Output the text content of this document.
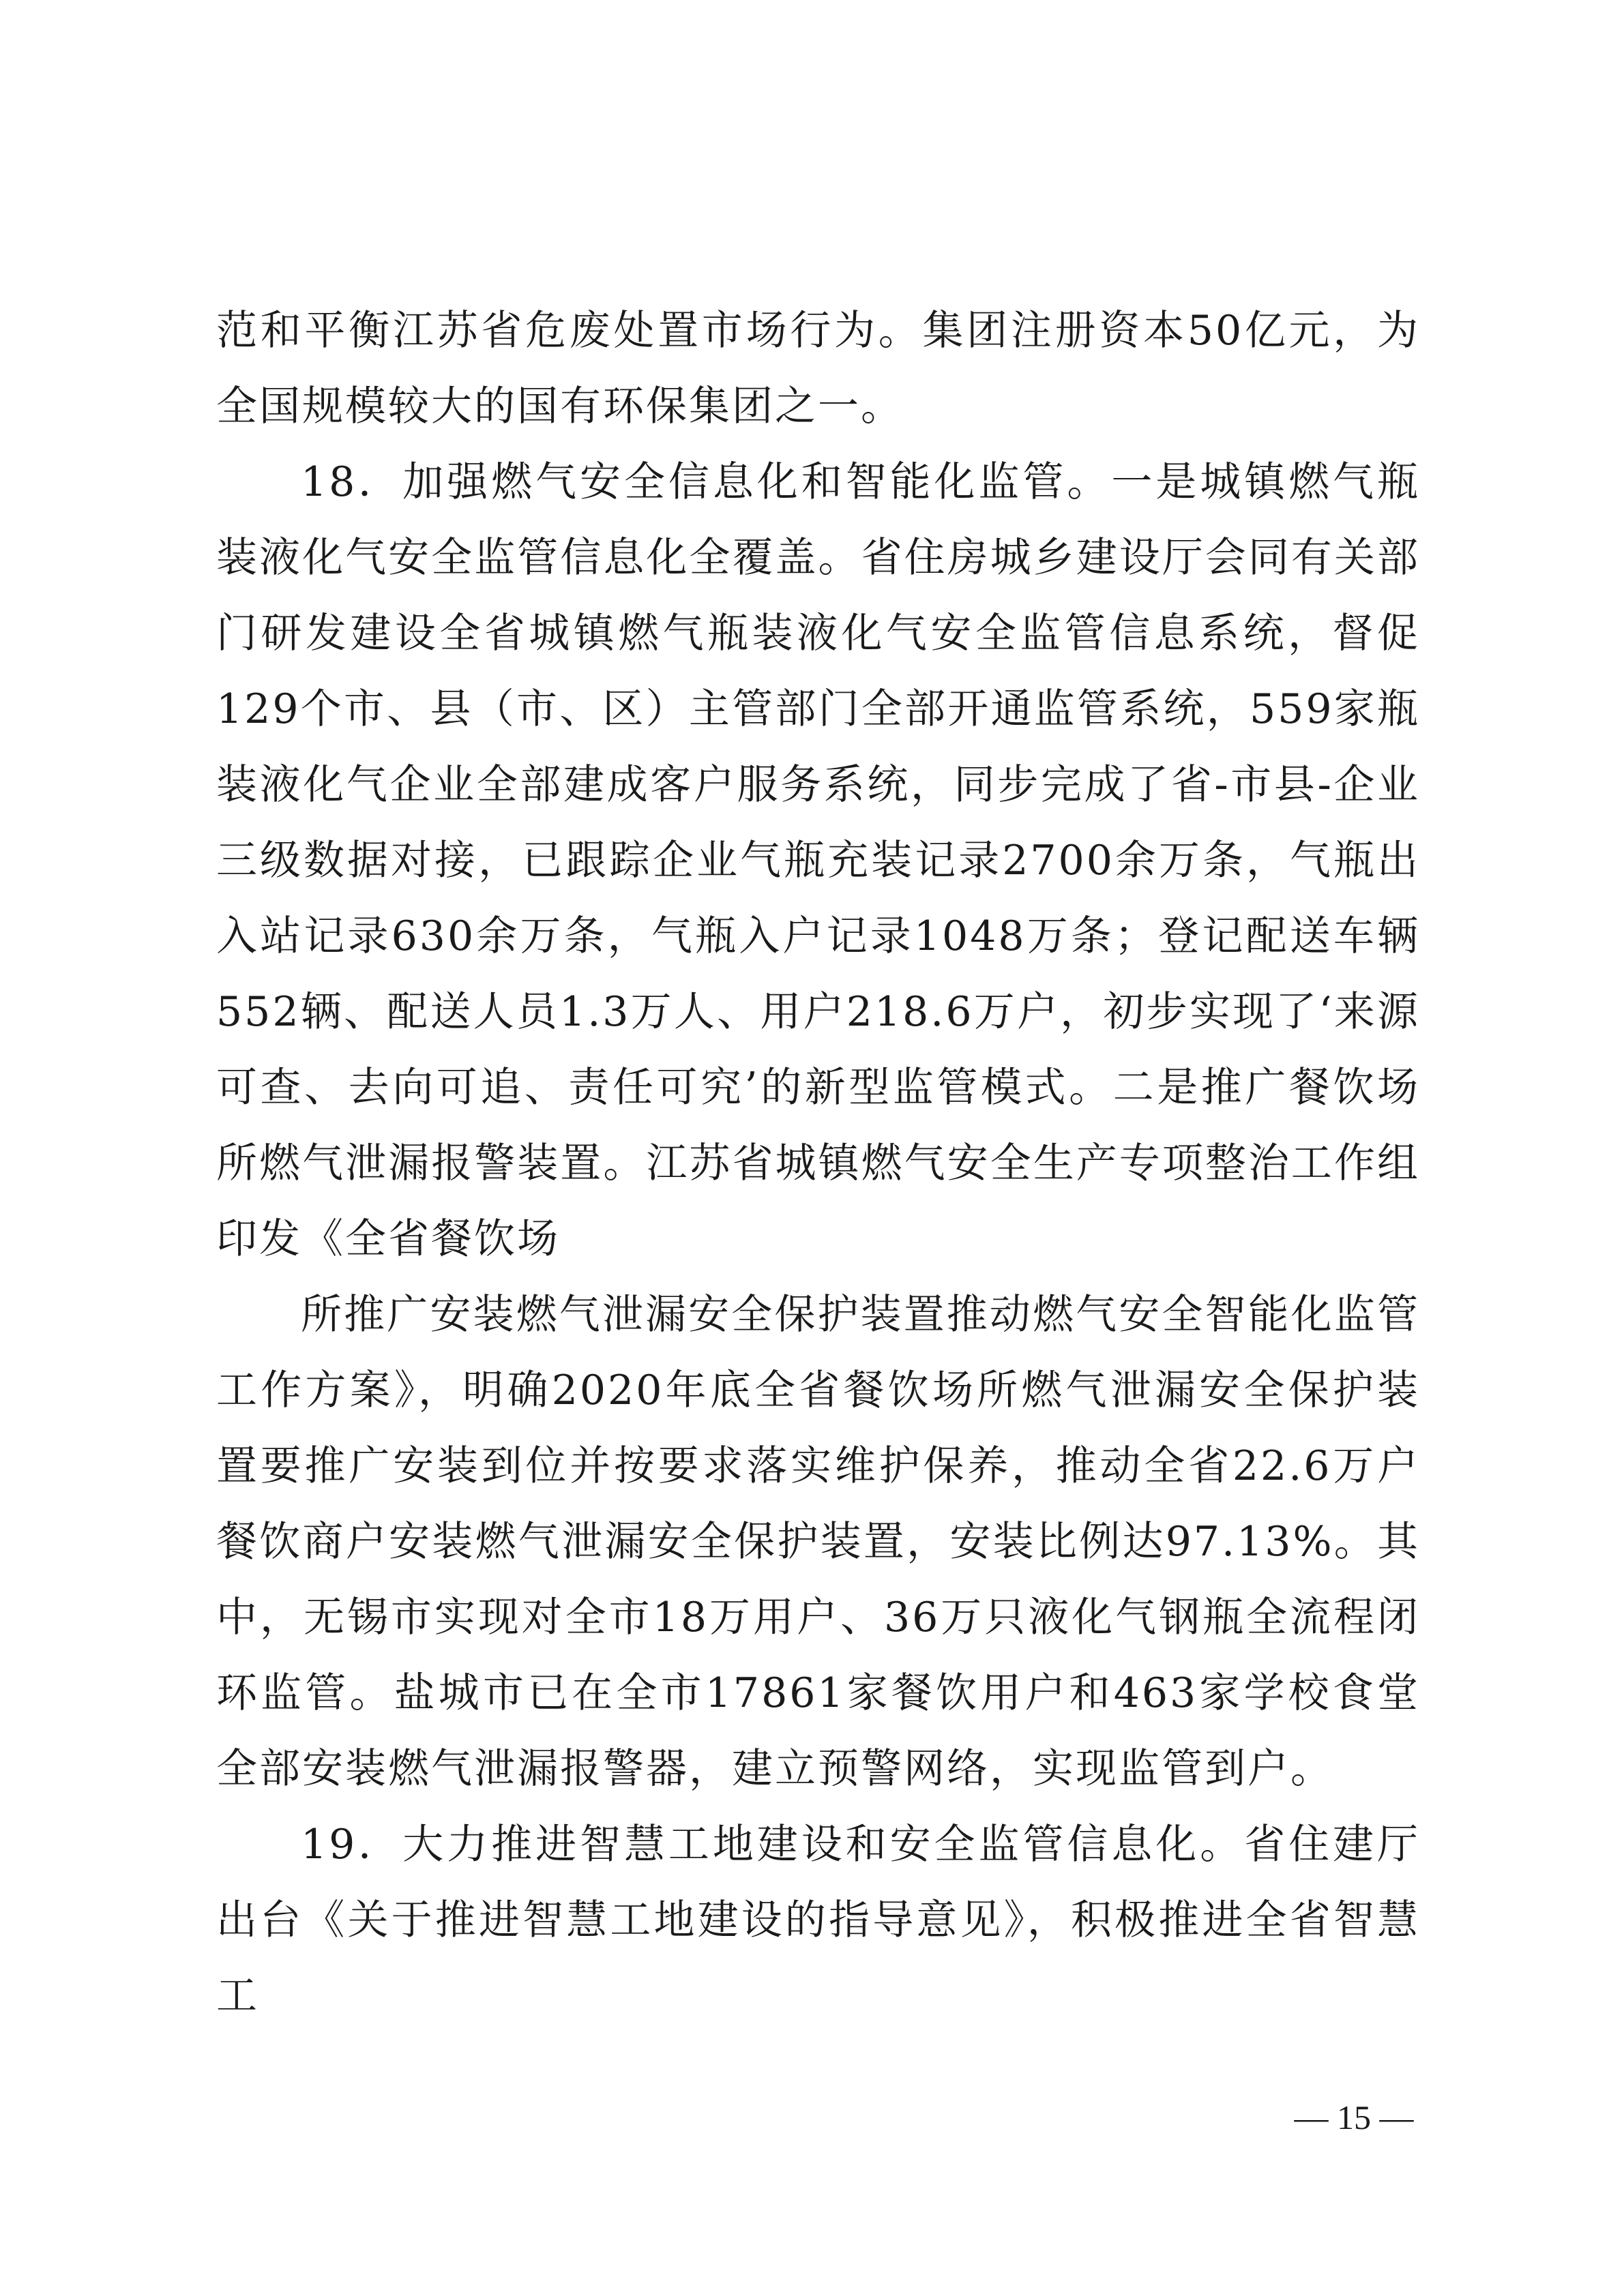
范和平衡江苏省危废处置市场行为。集团注册资本50亿元，为全国规模较大的国有环保集团之一。

18．加强燃气安全信息化和智能化监管。一是城镇燃气瓶装液化气安全监管信息化全覆盖。省住房城乡建设厅会同有关部门研发建设全省城镇燃气瓶装液化气安全监管信息系统，督促129个市、县（市、区）主管部门全部开通监管系统，559家瓶装液化气企业全部建成客户服务系统，同步完成了省-市县-企业三级数据对接，已跟踪企业气瓶充装记录2700余万条，气瓶出入站记录630余万条，气瓶入户记录1048万条；登记配送车辆552辆、配送人员1.3万人、用户218.6万户，初步实现了‘来源可查、去向可追、责任可究’的新型监管模式。二是推广餐饮场所燃气泄漏报警装置。江苏省城镇燃气安全生产专项整治工作组印发《全省餐饮场

所推广安装燃气泄漏安全保护装置推动燃气安全智能化监管工作方案》，明确2020年底全省餐饮场所燃气泄漏安全保护装置要推广安装到位并按要求落实维护保养，推动全省22.6万户餐饮商户安装燃气泄漏安全保护装置，安装比例达97.13%。其中，无锡市实现对全市18万用户、36万只液化气钢瓶全流程闭环监管。盐城市已在全市17861家餐饮用户和463家学校食堂全部安装燃气泄漏报警器，建立预警网络，实现监管到户。

19．大力推进智慧工地建设和安全监管信息化。省住建厅出台《关于推进智慧工地建设的指导意见》，积极推进全省智慧工

— 15 —
